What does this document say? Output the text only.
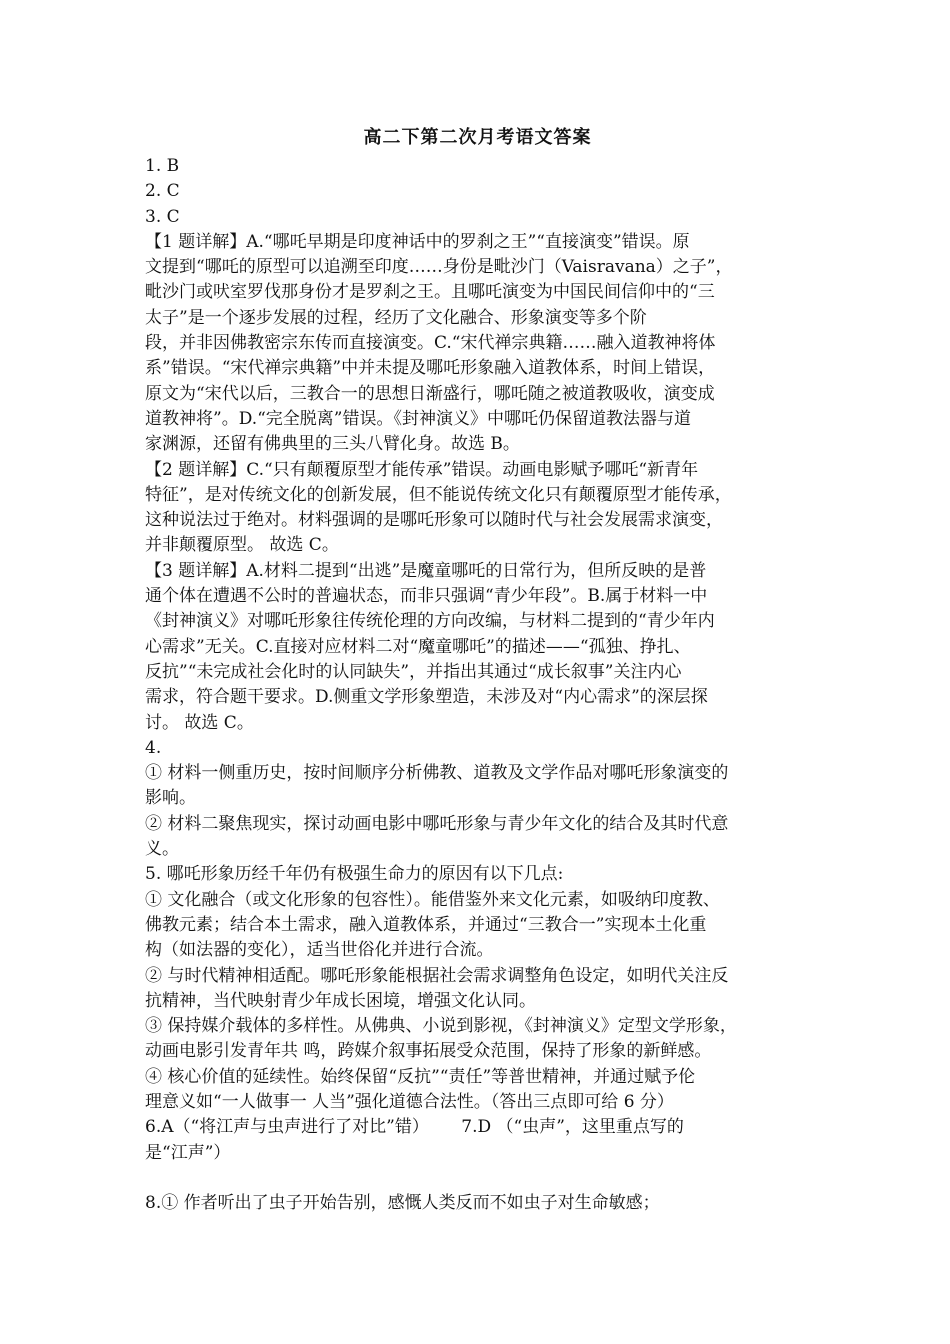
高二下第二次月考语文答案
1. B
2. C
3. C
【1 题详解】A.“哪吒早期是印度神话中的罗刹之王”“直接演变”错误。原
文提到“哪吒的原型可以追溯至印度……身份是毗沙门（Vaisravana）之子”，
毗沙门或吠室罗伐那身份才是罗刹之王。且哪吒演变为中国民间信仰中的“三
太子”是一个逐步发展的过程，经历了文化融合、形象演变等多个阶
段，并非因佛教密宗东传而直接演变。C.“宋代禅宗典籍……融入道教神将体
系”错误。“宋代禅宗典籍”中并未提及哪吒形象融入道教体系，时间上错误，
原文为“宋代以后，三教合一的思想日渐盛行，哪吒随之被道教吸收，演变成
道教神将”。D.“完全脱离”错误。《封神演义》中哪吒仍保留道教法器与道
家渊源，还留有佛典里的三头八臂化身。故选 B。
【2 题详解】C.“只有颠覆原型才能传承”错误。动画电影赋予哪吒“新青年
特征”，是对传统文化的创新发展，但不能说传统文化只有颠覆原型才能传承，
这种说法过于绝对。材料强调的是哪吒形象可以随时代与社会发展需求演变，
并非颠覆原型。 故选 C。
【3 题详解】A.材料二提到“出逃”是魔童哪吒的日常行为，但所反映的是普
通个体在遭遇不公时的普遍状态，而非只强调“青少年段”。B.属于材料一中
《封神演义》对哪吒形象往传统伦理的方向改编，与材料二提到的“青少年内
心需求”无关。C.直接对应材料二对“魔童哪吒”的描述——“孤独、挣扎、
反抗”“未完成社会化时的认同缺失”，并指出其通过“成长叙事”关注内心
需求，符合题干要求。D.侧重文学形象塑造，未涉及对“内心需求”的深层探
讨。 故选 C。
4.
① 材料一侧重历史，按时间顺序分析佛教、道教及文学作品对哪吒形象演变的
影响。
② 材料二聚焦现实，探讨动画电影中哪吒形象与青少年文化的结合及其时代意
义。
5. 哪吒形象历经千年仍有极强生命力的原因有以下几点:
① 文化融合（或文化形象的包容性）。能借鉴外来文化元素，如吸纳印度教、
佛教元素；结合本土需求，融入道教体系，并通过“三教合一”实现本土化重
构（如法器的变化），适当世俗化并进行合流。
② 与时代精神相适配。哪吒形象能根据社会需求调整角色设定，如明代关注反
抗精神，当代映射青少年成长困境，增强文化认同。
③ 保持媒介载体的多样性。从佛典、小说到影视，《封神演义》定型文学形象，
动画电影引发青年共 鸣，跨媒介叙事拓展受众范围，保持了形象的新鲜感。
④ 核心价值的延续性。始终保留“反抗”“责任”等普世精神，并通过赋予伦
理意义如“一人做事一 人当”强化道德合法性。（答出三点即可给 6 分）
6.A（“将江声与虫声进行了对比”错）      7.D （“虫声”，这里重点写的
是“江声”）
8.① 作者听出了虫子开始告别，感慨人类反而不如虫子对生命敏感；
